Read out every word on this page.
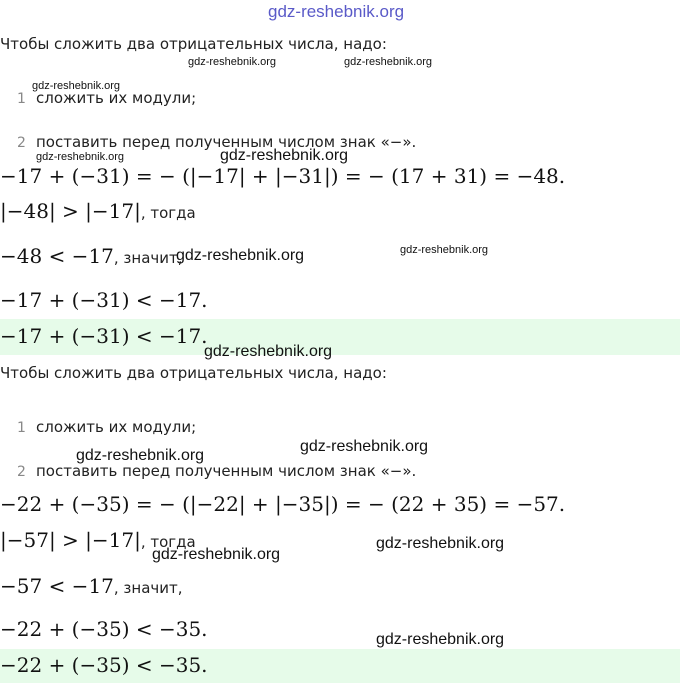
gdz-reshebnik.org
Чтобы сложить два отрицательных числа, надо:
gdz-reshebnik.org	gdz-reshebnik.org
gdz-reshebnik.org
1 сложить их модули;
2 поставить перед полученным числом знак «−».
gdz-reshebnik.org	gdz-reshebnik.org
−17 + (−31) = − (|−17| + |−31|) = − (17 + 31) = −48.
|−48| > |−17|, тогда
−48 < −17, значит,
gdz-reshebnik.org	gdz-reshebnik.org
−17 + (−31) < −17.
−17 + (−31) < −17.
gdz-reshebnik.org
Чтобы сложить два отрицательных числа, надо:
1 сложить их модули;
gdz-reshebnik.org
gdz-reshebnik.org
2 поставить перед полученным числом знак «−».
−22 + (−35) = − (|−22| + |−35|) = − (22 + 35) = −57.
|−57| > |−17|, тогда	gdz-reshebnik.org
gdz-reshebnik.org
−57 < −17, значит,
−22 + (−35) < −35.	gdz-reshebnik.org
−22 + (−35) < −35.
